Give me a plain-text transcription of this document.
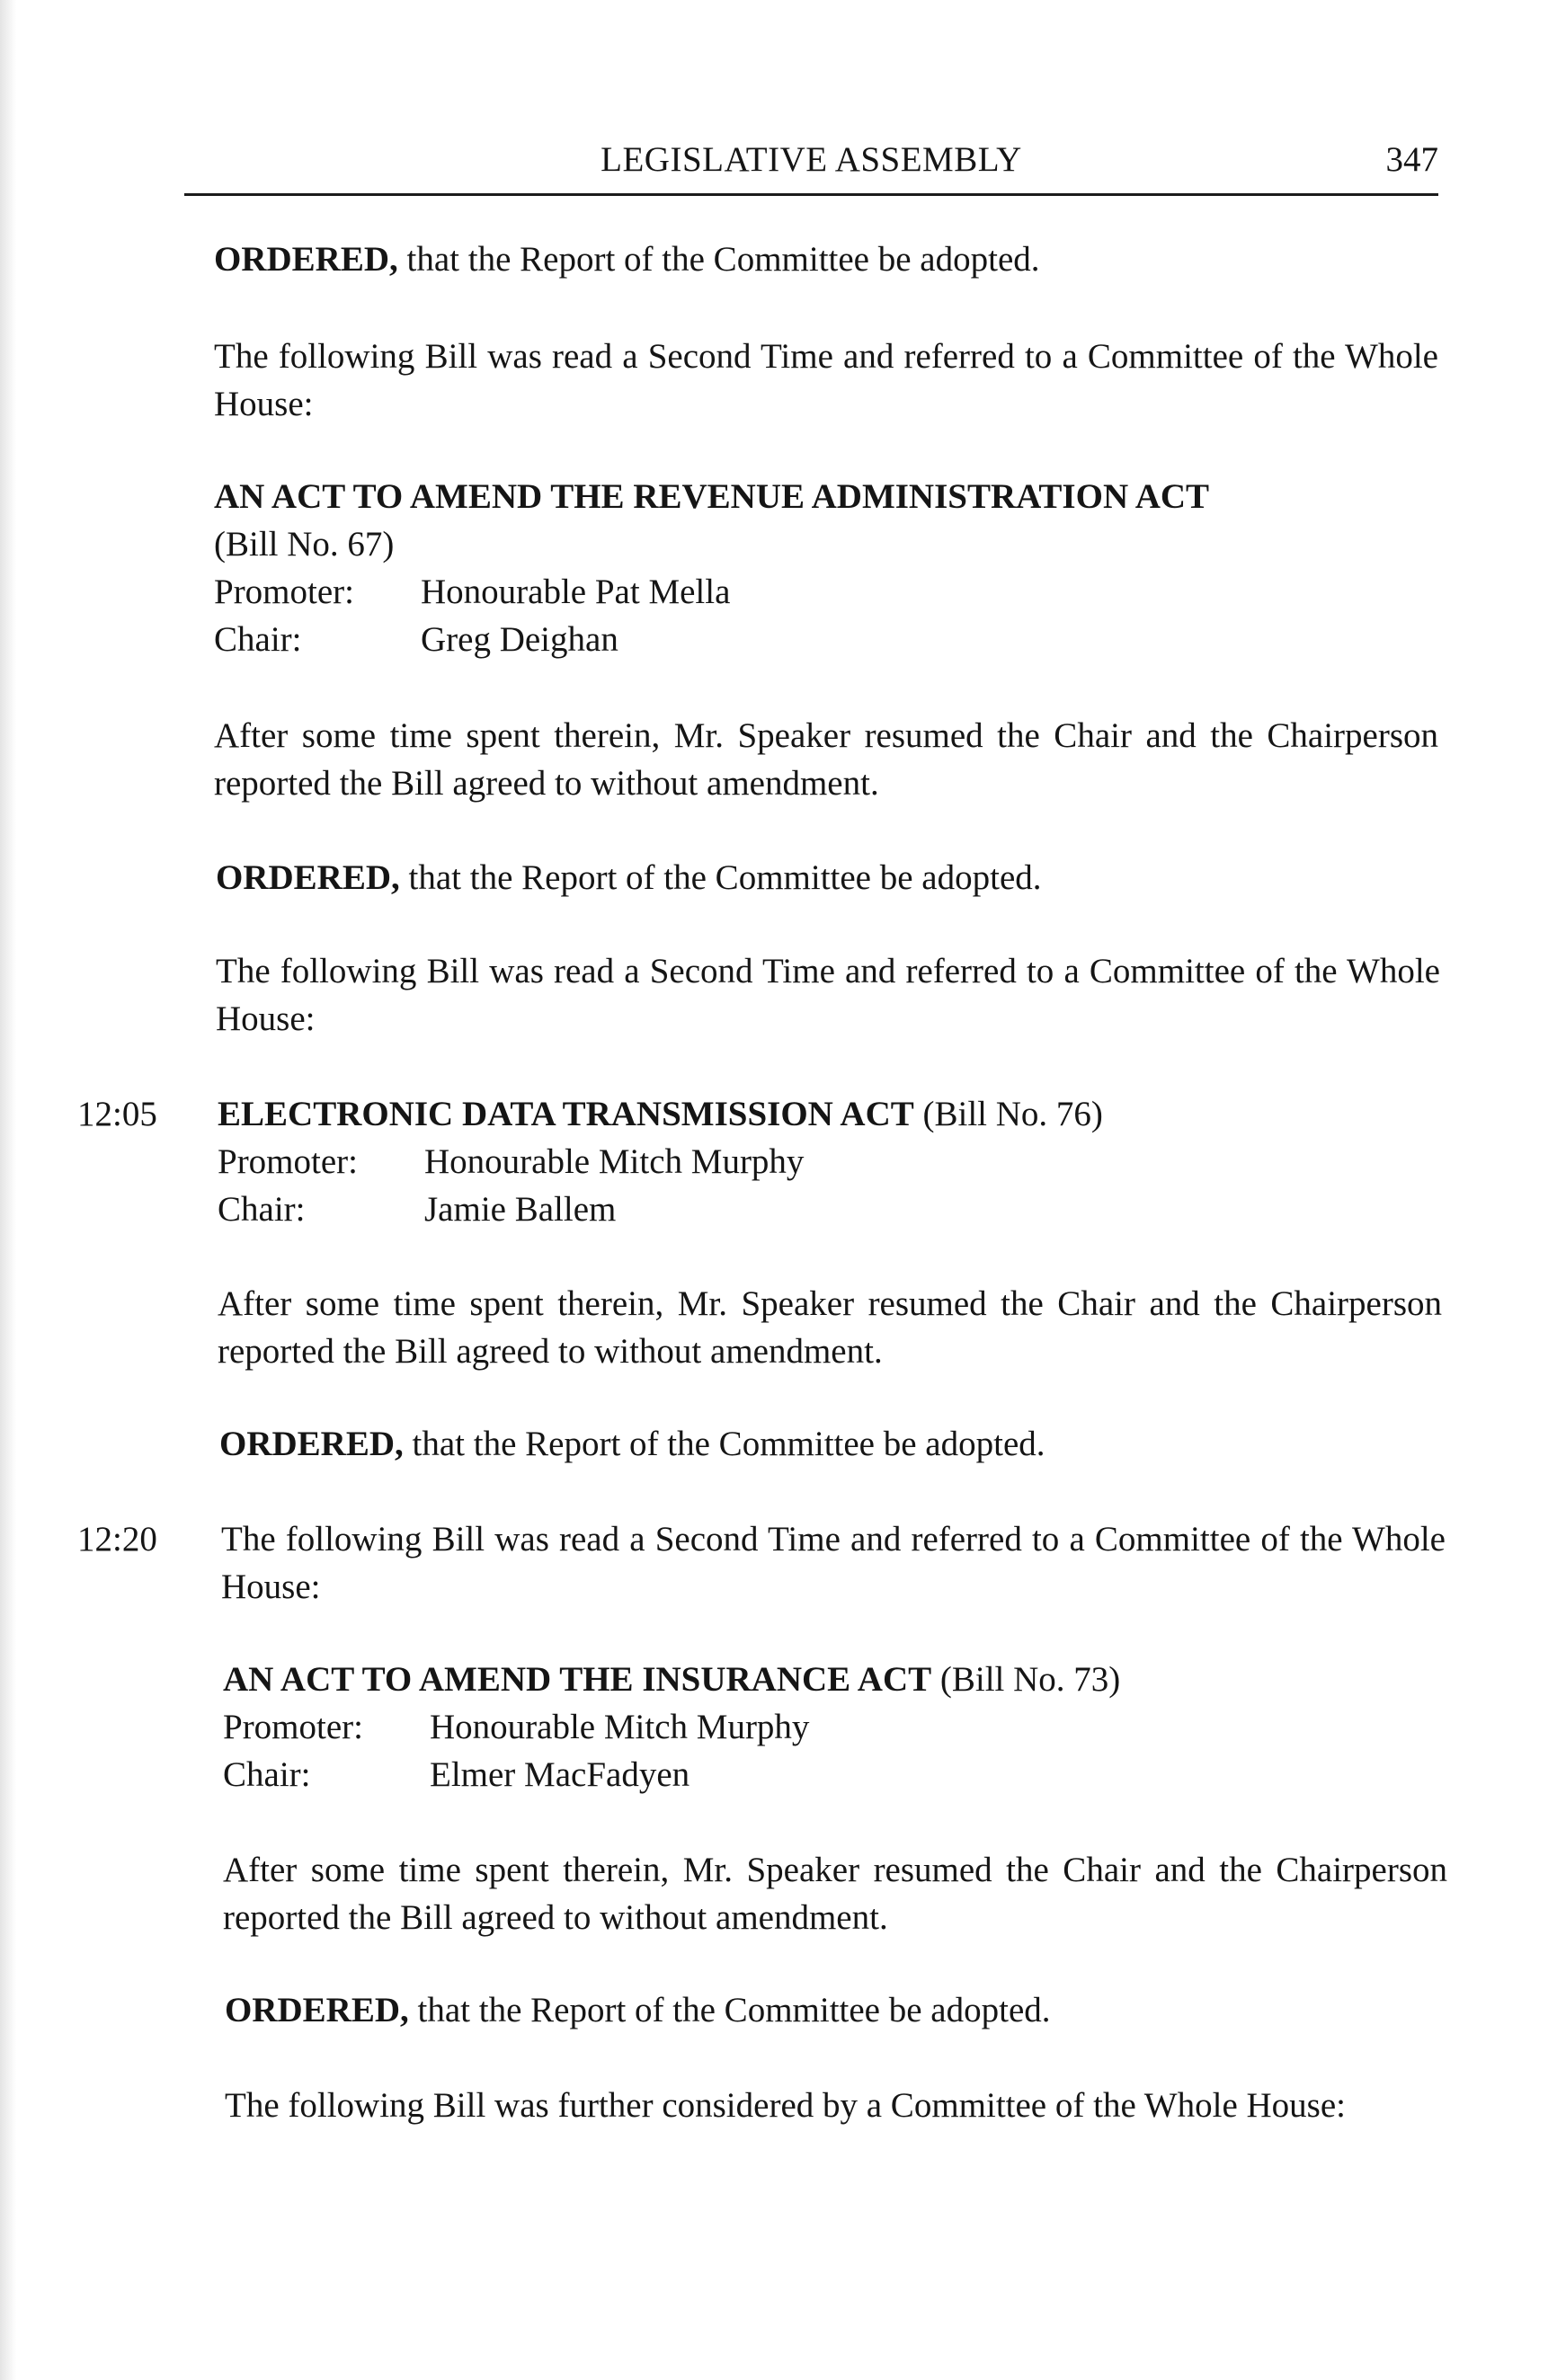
LEGISLATIVE ASSEMBLY	347
ORDERED, that the Report of the Committee be adopted.
The following Bill was read a Second Time and referred to a Committee of the Whole House:
AN ACT TO AMEND THE REVENUE ADMINISTRATION ACT
(Bill No. 67)
Promoter: Honourable Pat Mella
Chair:	Greg Deighan
After some time spent therein, Mr. Speaker resumed the Chair and the Chairperson reported the Bill agreed to without amendment.
ORDERED, that the Report of the Committee be adopted.
The following Bill was read a Second Time and referred to a Committee of the Whole House:
12:05 ELECTRONIC DATA TRANSMISSION ACT (Bill No. 76)
Promoter: Honourable Mitch Murphy
Chair:	Jamie Ballem
After some time spent therein, Mr. Speaker resumed the Chair and the Chairperson reported the Bill agreed to without amendment.
ORDERED, that the Report of the Committee be adopted.
12:20 The following Bill was read a Second Time and referred to a Committee of the Whole House:
AN ACT TO AMEND THE INSURANCE ACT (Bill No. 73)
Promoter: Honourable Mitch Murphy
Chair:	Elmer MacFadyen
After some time spent therein, Mr. Speaker resumed the Chair and the Chairperson reported the Bill agreed to without amendment.
ORDERED, that the Report of the Committee be adopted.
The following Bill was further considered by a Committee of the Whole House:
